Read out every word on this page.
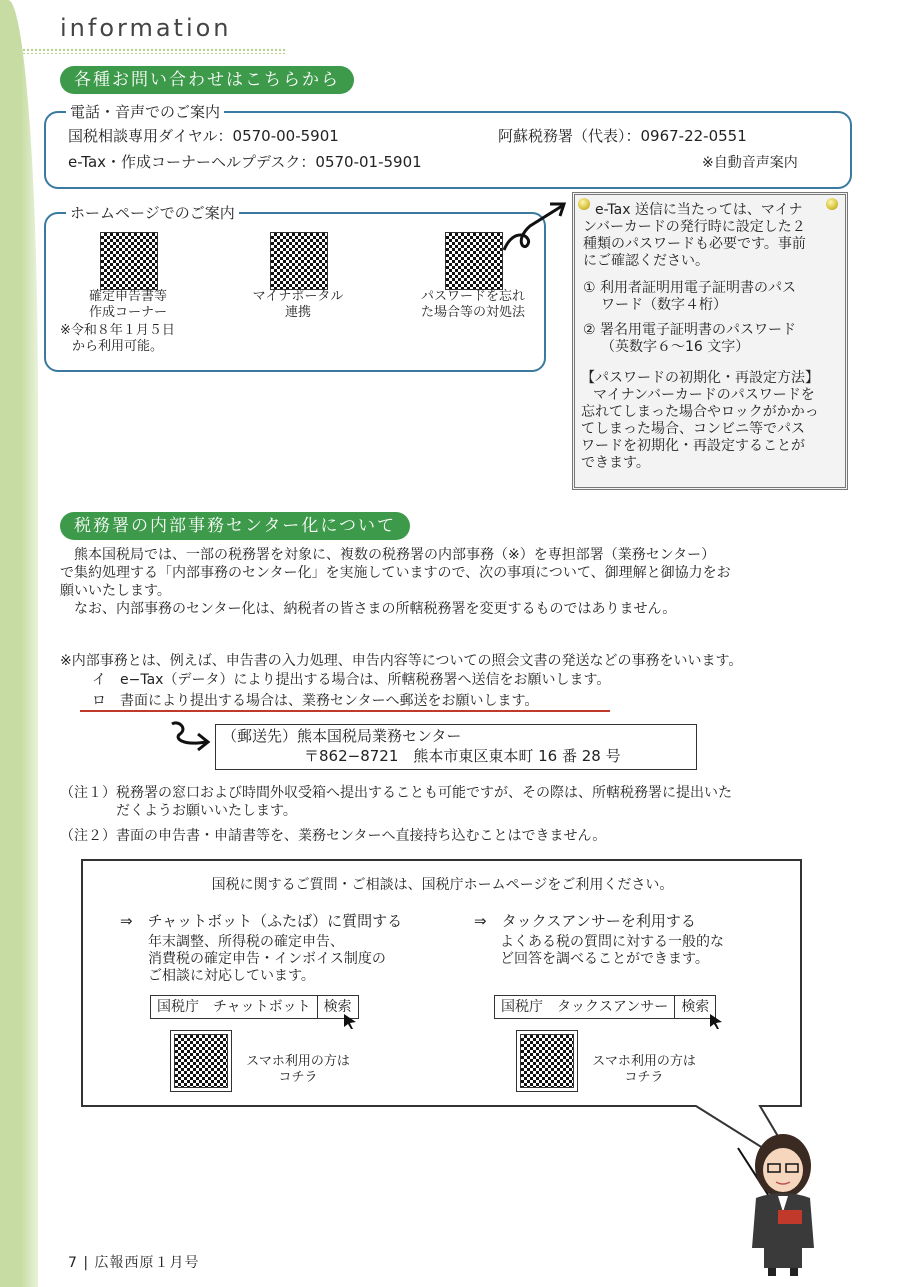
information
各種お問い合わせはこちらから
電話・音声でのご案内
国税相談専用ダイヤル：0570-00-5901	阿蘇税務署（代表）：0967-22-0551
e-Tax・作成コーナーヘルプデスク：0570-01-5901	※自動音声案内
ホームページでのご案内
確定申告書等
作成コーナー
※令和８年１月５日
から利用可能。
マイナポータル
連携
パスワードを忘れ
た場合等の対処法
e-Tax 送信に当たっては、マイナ
ンバーカードの発行時に設定した２
種類のパスワードも必要です。事前
にご確認ください。
① 利用者証明用電子証明書のパス
ワード（数字４桁）
② 署名用電子証明書のパスワード
（英数字６～16 文字）
【パスワードの初期化・再設定方法】
マイナンバーカードのパスワードを
忘れてしまった場合やロックがかかっ
てしまった場合、コンビニ等でパス
ワードを初期化・再設定することが
できます。
税務署の内部事務センター化について
熊本国税局では、一部の税務署を対象に、複数の税務署の内部事務（※）を専担部署（業務センター）
で集約処理する「内部事務のセンター化」を実施していますので、次の事項について、御理解と御協力をお
願いいたします。
なお、内部事務のセンター化は、納税者の皆さまの所轄税務署を変更するものではありません。
※内部事務とは、例えば、申告書の入力処理、申告内容等についての照会文書の発送などの事務をいいます。
イ　e−Tax（データ）により提出する場合は、所轄税務署へ送信をお願いします。
ロ　書面により提出する場合は、業務センターへ郵送をお願いします。
（郵送先）熊本国税局業務センター
〒862−8721　熊本市東区東本町 16 番 28 号
（注１）税務署の窓口および時間外収受箱へ提出することも可能ですが、その際は、所轄税務署に提出いた
だくようお願いいたします。
（注２）書面の申告書・申請書等を、業務センターへ直接持ち込むことはできません。
国税に関するご質問・ご相談は、国税庁ホームページをご利用ください。
⇒　チャットボット（ふたば）に質問する
年末調整、所得税の確定申告、
消費税の確定申告・インボイス制度の
ご相談に対応しています。
国税庁　チャットボット 検索
スマホ利用の方は
コチラ
⇒　タックスアンサーを利用する
よくある税の質問に対する一般的な
ど回答を調べることができます。
国税庁　タックスアンサー 検索
スマホ利用の方は
コチラ
7 | 広報西原１月号
